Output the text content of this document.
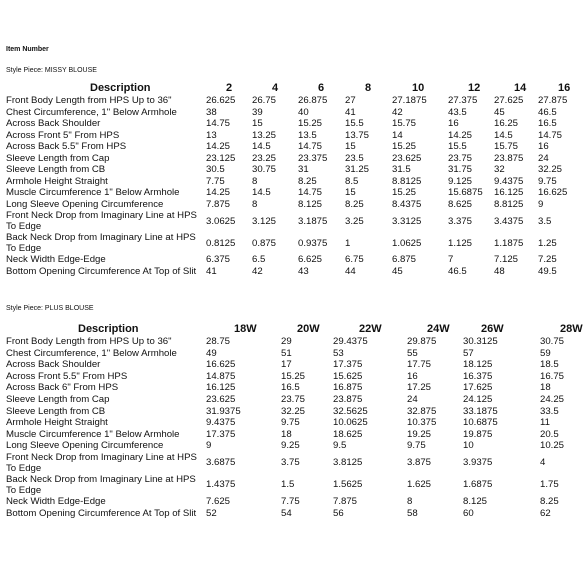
Item Number
Style Piece: MISSY BLOUSE
Description	2	4	6	8	10	12	14	16
Front Body Length from HPS Up to 36"	26.625	26.75	26.875	27	27.1875	27.375	27.625	27.875
Chest Circumference, 1" Below Armhole	38	39	40	41	42	43.5	45	46.5
Across Back Shoulder	14.75	15	15.25	15.5	15.75	16	16.25	16.5
Across Front 5" From HPS	13	13.25	13.5	13.75	14	14.25	14.5	14.75
Across Back 5.5" From HPS	14.25	14.5	14.75	15	15.25	15.5	15.75	16
Sleeve Length from Cap	23.125	23.25	23.375	23.5	23.625	23.75	23.875	24
Sleeve Length from CB	30.5	30.75	31	31.25	31.5	31.75	32	32.25
Armhole Height Straight	7.75	8	8.25	8.5	8.8125	9.125	9.4375	9.75
Muscle Circumference 1" Below Armhole	14.25	14.5	14.75	15	15.25	15.6875	16.125	16.625
Long Sleeve Opening Circumference	7.875	8	8.125	8.25	8.4375	8.625	8.8125	9
Front Neck Drop from Imaginary Line at HPS To Edge	3.0625	3.125	3.1875	3.25	3.3125	3.375	3.4375	3.5
Back Neck Drop from Imaginary Line at HPS To Edge	0.8125	0.875	0.9375	1	1.0625	1.125	1.1875	1.25
Neck Width Edge-Edge	6.375	6.5	6.625	6.75	6.875	7	7.125	7.25
Bottom Opening Circumference At Top of Slit	41	42	43	44	45	46.5	48	49.5
Style Piece: PLUS BLOUSE
Description	18W	20W	22W	24W	26W	28W
Front Body Length from HPS Up to 36"	28.75	29	29.4375	29.875	30.3125	30.75
Chest Circumference, 1" Below Armhole	49	51	53	55	57	59
Across Back Shoulder	16.625	17	17.375	17.75	18.125	18.5
Across Front 5.5" From HPS	14.875	15.25	15.625	16	16.375	16.75
Across Back 6" From HPS	16.125	16.5	16.875	17.25	17.625	18
Sleeve Length from Cap	23.625	23.75	23.875	24	24.125	24.25
Sleeve Length from CB	31.9375	32.25	32.5625	32.875	33.1875	33.5
Armhole Height Straight	9.4375	9.75	10.0625	10.375	10.6875	11
Muscle Circumference 1" Below Armhole	17.375	18	18.625	19.25	19.875	20.5
Long Sleeve Opening Circumference	9	9.25	9.5	9.75	10	10.25
Front Neck Drop from Imaginary Line at HPS To Edge	3.6875	3.75	3.8125	3.875	3.9375	4
Back Neck Drop from Imaginary Line at HPS To Edge	1.4375	1.5	1.5625	1.625	1.6875	1.75
Neck Width Edge-Edge	7.625	7.75	7.875	8	8.125	8.25
Bottom Opening Circumference At Top of Slit	52	54	56	58	60	62
